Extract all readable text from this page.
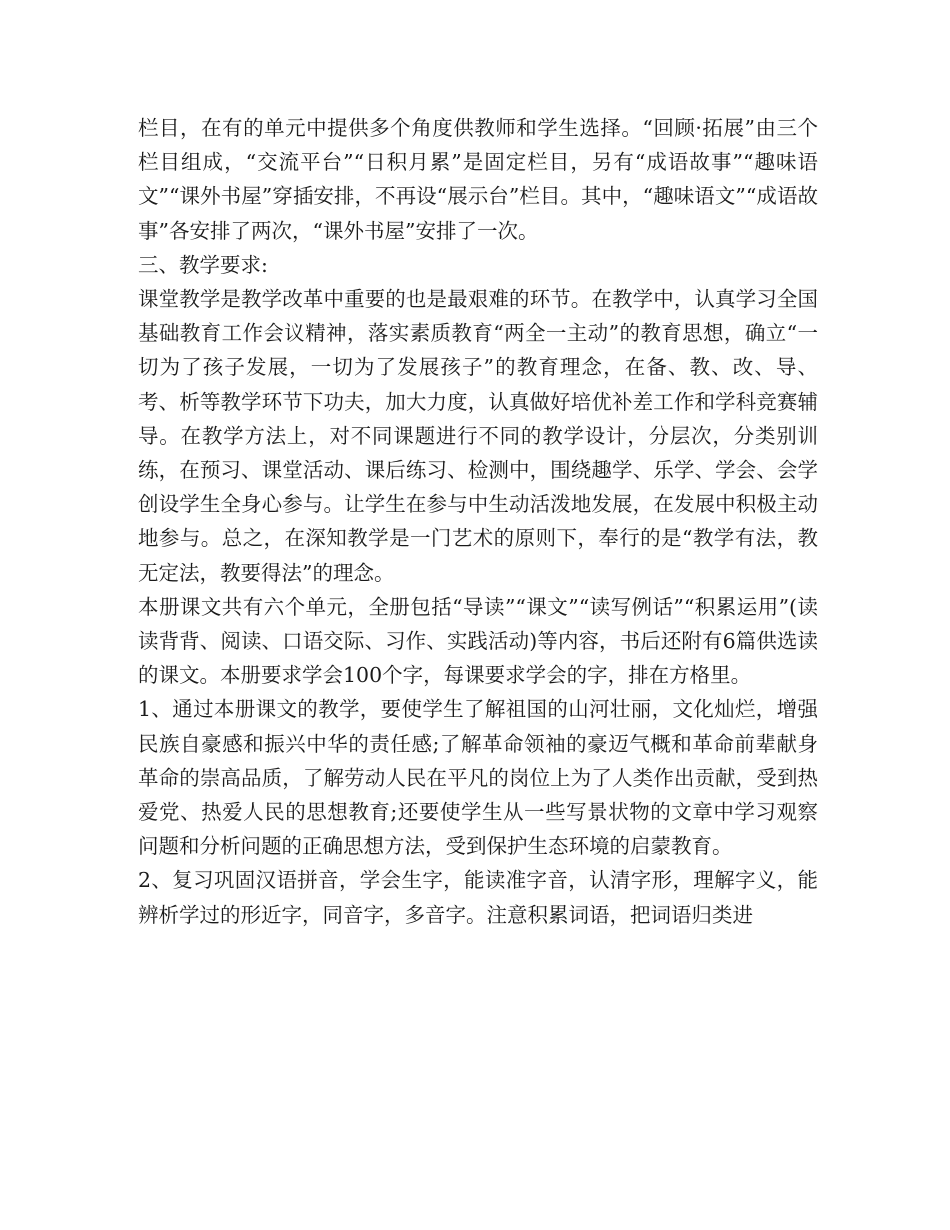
栏目，在有的单元中提供多个角度供教师和学生选择。“回顾·拓展”由三个栏目组成，“交流平台”“日积月累”是固定栏目，另有“成语故事”“趣味语文”“课外书屋”穿插安排，不再设“展示台”栏目。其中，“趣味语文”“成语故事”各安排了两次，“课外书屋”安排了一次。

三、教学要求:

课堂教学是教学改革中重要的也是最艰难的环节。在教学中，认真学习全国基础教育工作会议精神，落实素质教育“两全一主动”的教育思想，确立“一切为了孩子发展，一切为了发展孩子”的教育理念，在备、教、改、导、考、析等教学环节下功夫，加大力度，认真做好培优补差工作和学科竞赛辅导。在教学方法上，对不同课题进行不同的教学设计，分层次，分类别训练，在预习、课堂活动、课后练习、检测中，围绕趣学、乐学、学会、会学创设学生全身心参与。让学生在参与中生动活泼地发展，在发展中积极主动地参与。总之，在深知教学是一门艺术的原则下，奉行的是“教学有法，教无定法，教要得法”的理念。

本册课文共有六个单元，全册包括“导读”“课文”“读写例话”“积累运用”(读读背背、阅读、口语交际、习作、实践活动)等内容，书后还附有6篇供选读的课文。本册要求学会100个字，每课要求学会的字，排在方格里。

1、通过本册课文的教学，要使学生了解祖国的山河壮丽，文化灿烂，增强民族自豪感和振兴中华的责任感;了解革命领袖的豪迈气概和革命前辈献身革命的崇高品质，了解劳动人民在平凡的岗位上为了人类作出贡献，受到热爱党、热爱人民的思想教育;还要使学生从一些写景状物的文章中学习观察问题和分析问题的正确思想方法，受到保护生态环境的启蒙教育。

2、复习巩固汉语拼音，学会生字，能读准字音，认清字形，理解字义，能辨析学过的形近字，同音字，多音字。注意积累词语，把词语归类进
